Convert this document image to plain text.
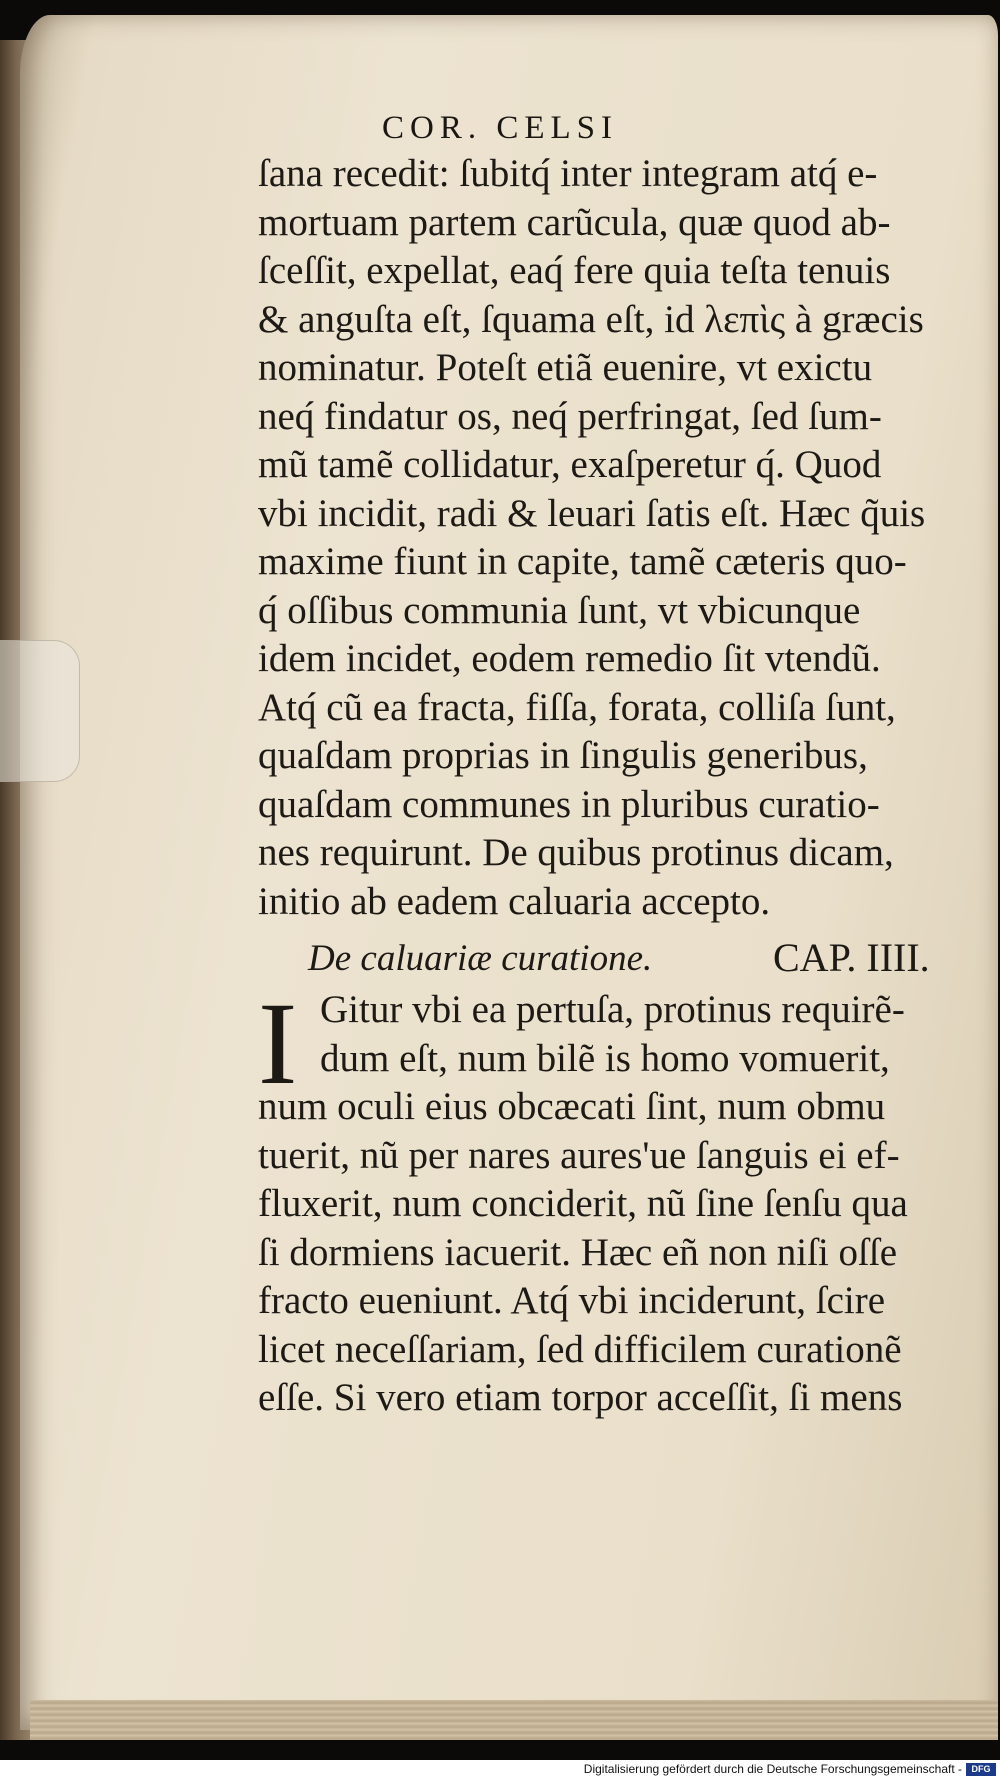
COR. CELSI
ſana recedit: ſubitq́ inter integram atq́ e-
mortuam partem carũcula, quæ quod ab-
ſceſſit, expellat, eaq́ fere quia teſta tenuis
& anguſta eſt, ſquama eſt, id λεπὶς à græcis
nominatur. Poteſt etiã euenire, vt exictu
neq́ findatur os, neq́ perfringat, ſed ſum-
mũ tamẽ collidatur, exaſperetur q́. Quod
vbi incidit, radi & leuari ſatis eſt. Hæc q̃uis
maxime fiunt in capite, tamẽ cæteris quo-
q́ oſſibus communia ſunt, vt vbicunque
idem incidet, eodem remedio ſit vtendũ.
Atq́ cũ ea fracta, fiſſa, forata, colliſa ſunt,
quaſdam proprias in ſingulis generibus,
quaſdam communes in pluribus curatio-
nes requirunt. De quibus protinus dicam,
initio ab eadem caluaria accepto.
De caluariæ curatione.	CAP. IIII.
I Gitur vbi ea pertuſa, protinus requirẽ-
dum eſt, num bilẽ is homo vomuerit,
num oculi eius obcæcati ſint, num obmu
tuerit, nũ per nares aures'ue ſanguis ei ef-
fluxerit, num conciderit, nũ ſine ſenſu qua
ſi dormiens iacuerit. Hæc eñ non niſi oſſe
fracto eueniunt. Atq́ vbi inciderunt, ſcire
licet neceſſariam, ſed difficilem curationẽ
eſſe. Si vero etiam torpor acceſſit, ſi mens
Digitalisierung gefördert durch die Deutsche Forschungsgemeinschaft -	DFG
